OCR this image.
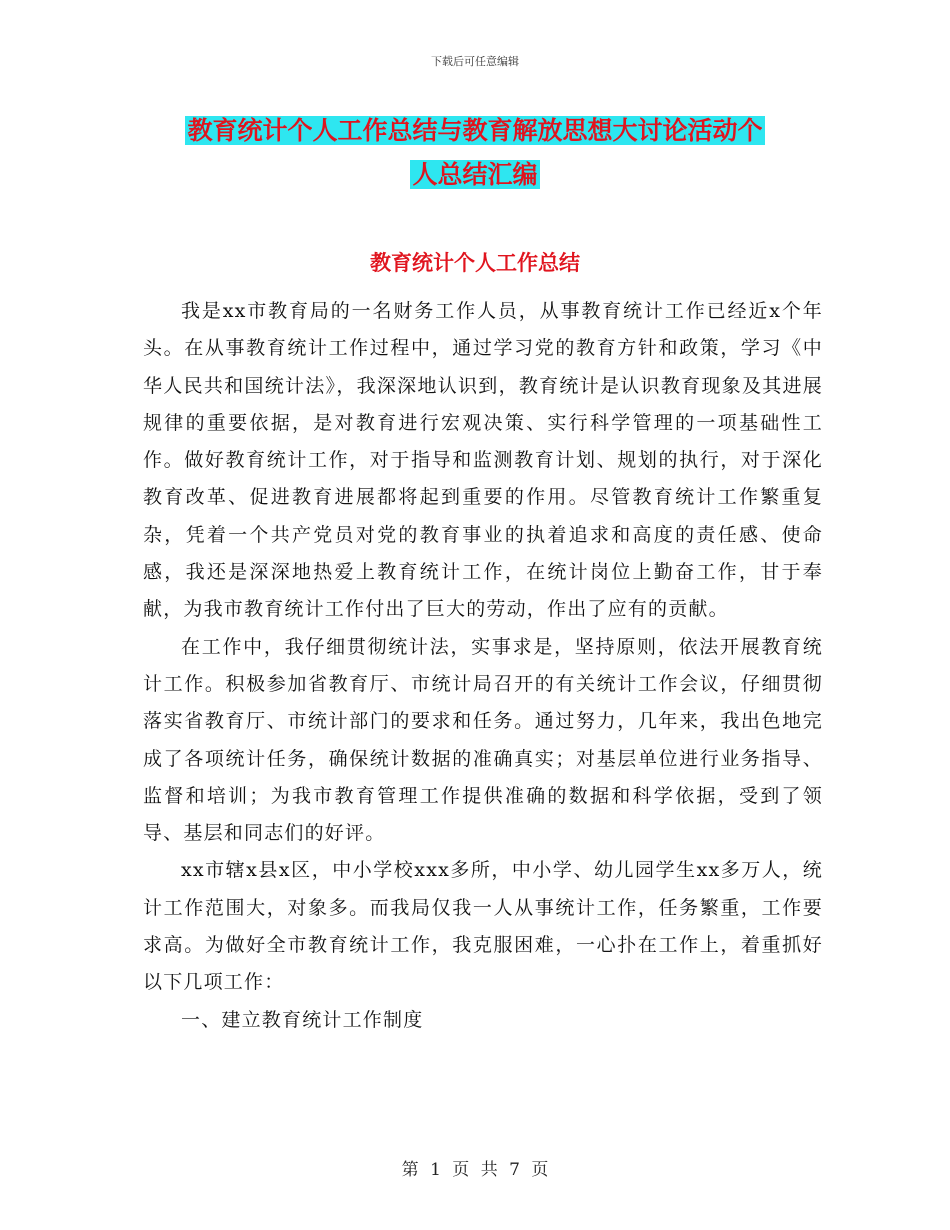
下载后可任意编辑
教育统计个人工作总结与教育解放思想大讨论活动个
人总结汇编
教育统计个人工作总结

我是xx市教育局的一名财务工作人员，从事教育统计工作已经近x个年头。在从事教育统计工作过程中，通过学习党的教育方针和政策，学习《中华人民共和国统计法》，我深深地认识到，教育统计是认识教育现象及其进展规律的重要依据，是对教育进行宏观决策、实行科学管理的一项基础性工作。做好教育统计工作，对于指导和监测教育计划、规划的执行，对于深化教育改革、促进教育进展都将起到重要的作用。尽管教育统计工作繁重复杂，凭着一个共产党员对党的教育事业的执着追求和高度的责任感、使命感，我还是深深地热爱上教育统计工作，在统计岗位上勤奋工作，甘于奉献，为我市教育统计工作付出了巨大的劳动，作出了应有的贡献。

在工作中，我仔细贯彻统计法，实事求是，坚持原则，依法开展教育统计工作。积极参加省教育厅、市统计局召开的有关统计工作会议，仔细贯彻落实省教育厅、市统计部门的要求和任务。通过努力，几年来，我出色地完成了各项统计任务，确保统计数据的准确真实；对基层单位进行业务指导、监督和培训；为我市教育管理工作提供准确的数据和科学依据，受到了领导、基层和同志们的好评。

xx市辖x县x区，中小学校xxx多所，中小学、幼儿园学生xx多万人，统计工作范围大，对象多。而我局仅我一人从事统计工作，任务繁重，工作要求高。为做好全市教育统计工作，我克服困难，一心扑在工作上，着重抓好以下几项工作：

一、建立教育统计工作制度

第 1 页 共 7 页
